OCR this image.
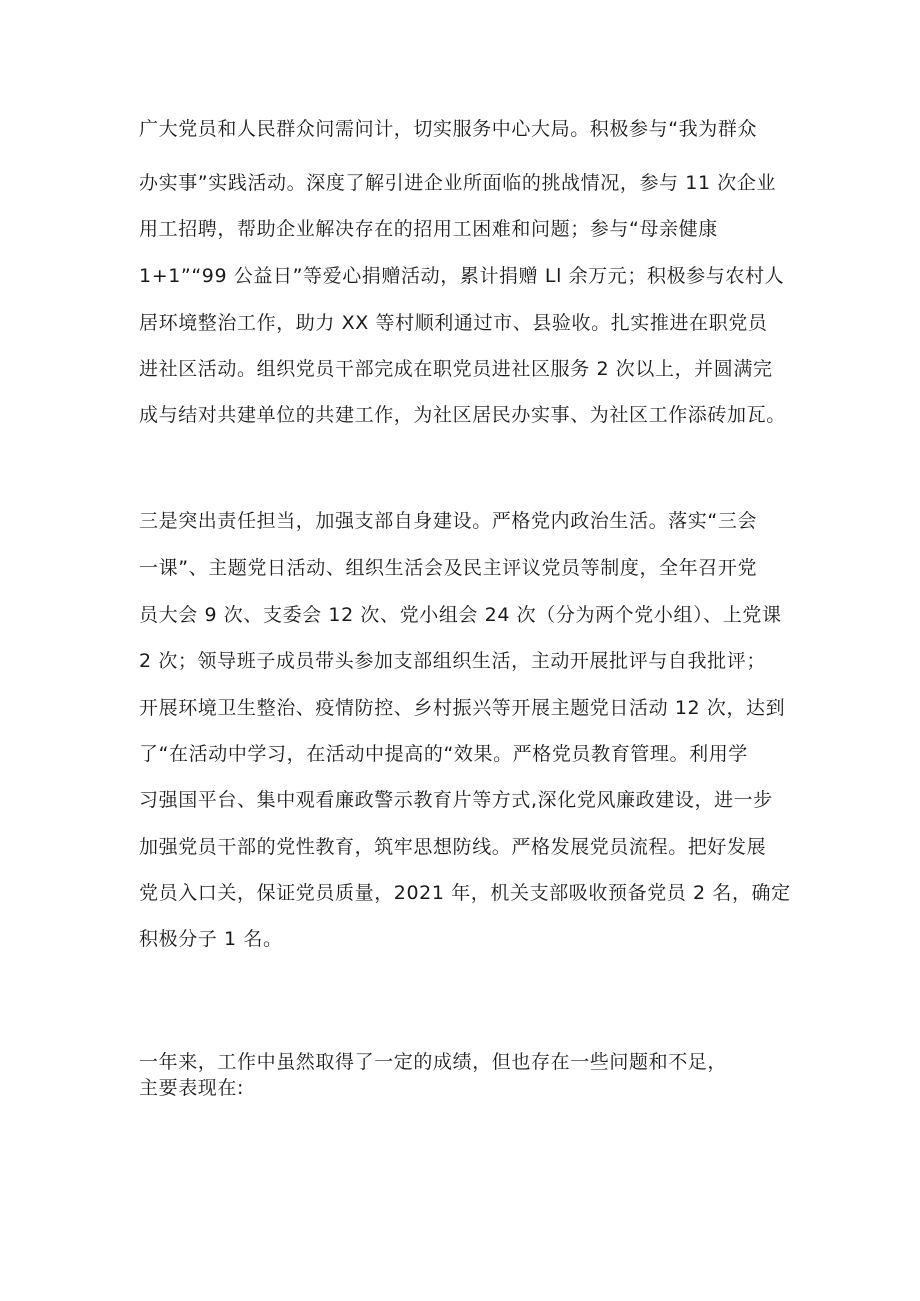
广大党员和人民群众问需问计，切实服务中心大局。积极参与“我为群众
办实事”实践活动。深度了解引进企业所面临的挑战情况，参与 11 次企业
用工招聘，帮助企业解决存在的招用工困难和问题；参与“母亲健康
1+1”“99 公益日”等爱心捐赠活动，累计捐赠 Ll 余万元；积极参与农村人
居环境整治工作，助力 XX 等村顺利通过市、县验收。扎实推进在职党员
进社区活动。组织党员干部完成在职党员进社区服务 2 次以上，并圆满完
成与结对共建单位的共建工作，为社区居民办实事、为社区工作添砖加瓦。
三是突出责任担当，加强支部自身建设。严格党内政治生活。落实“三会
一课”、主题党日活动、组织生活会及民主评议党员等制度，全年召开党
员大会 9 次、支委会 12 次、党小组会 24 次（分为两个党小组）、上党课
2 次；领导班子成员带头参加支部组织生活，主动开展批评与自我批评；
开展环境卫生整治、疫情防控、乡村振兴等开展主题党日活动 12 次，达到
了“在活动中学习，在活动中提高的“效果。严格党员教育管理。利用学
习强国平台、集中观看廉政警示教育片等方式,深化党风廉政建设，进一步
加强党员干部的党性教育，筑牢思想防线。严格发展党员流程。把好发展
党员入口关，保证党员质量，2021 年，机关支部吸收预备党员 2 名，确定
积极分子 1 名。
一年来，工作中虽然取得了一定的成绩，但也存在一些问题和不足，
主要表现在:
